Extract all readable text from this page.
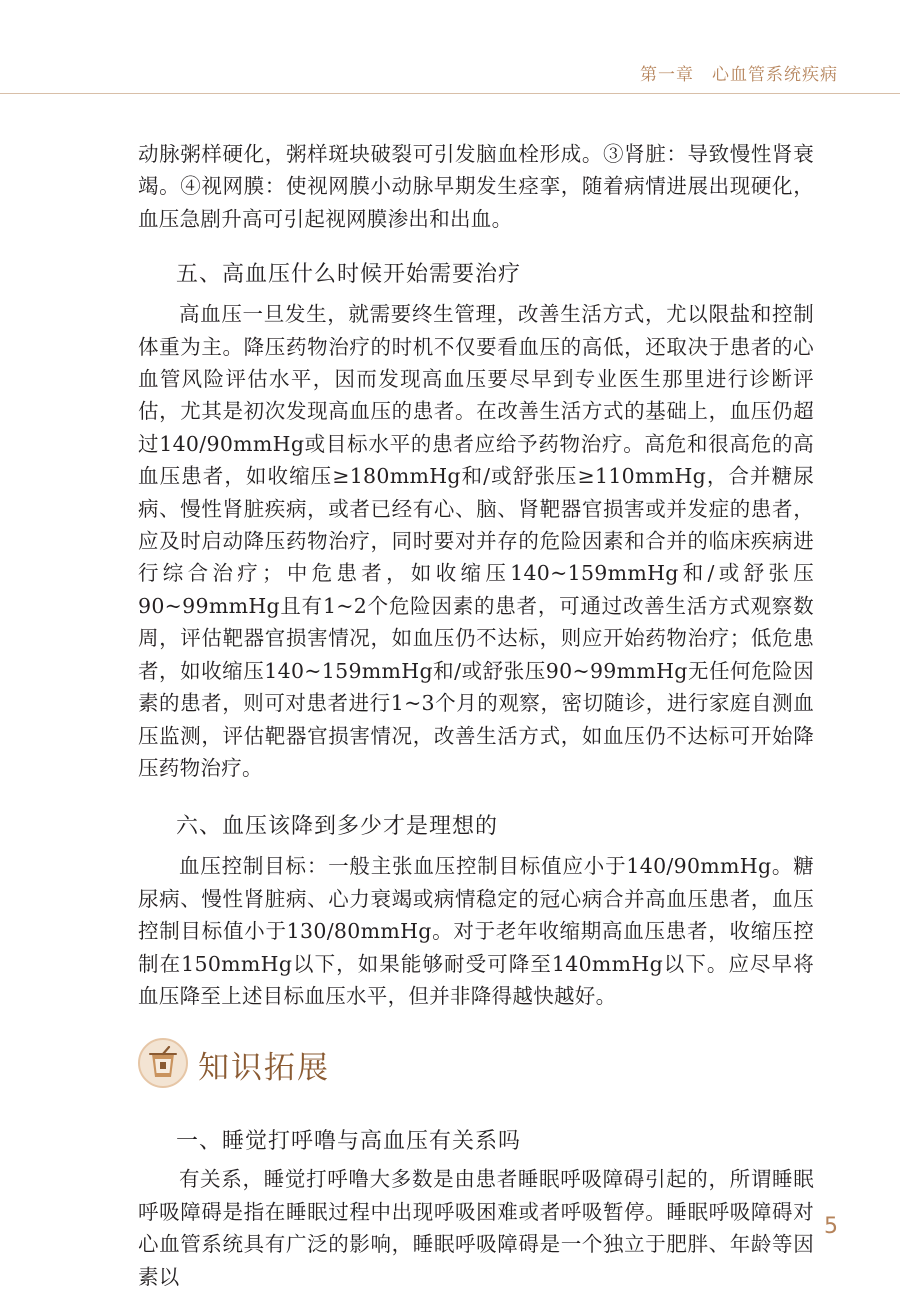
第一章　心血管系统疾病

动脉粥样硬化，粥样斑块破裂可引发脑血栓形成。③肾脏：导致慢性肾衰竭。④视网膜：使视网膜小动脉早期发生痉挛，随着病情进展出现硬化，血压急剧升高可引起视网膜渗出和出血。

五、高血压什么时候开始需要治疗

高血压一旦发生，就需要终生管理，改善生活方式，尤以限盐和控制体重为主。降压药物治疗的时机不仅要看血压的高低，还取决于患者的心血管风险评估水平，因而发现高血压要尽早到专业医生那里进行诊断评估，尤其是初次发现高血压的患者。在改善生活方式的基础上，血压仍超过140/90mmHg或目标水平的患者应给予药物治疗。高危和很高危的高血压患者，如收缩压≥180mmHg和/或舒张压≥110mmHg，合并糖尿病、慢性肾脏疾病，或者已经有心、脑、肾靶器官损害或并发症的患者，应及时启动降压药物治疗，同时要对并存的危险因素和合并的临床疾病进行综合治疗；中危患者，如收缩压140~159mmHg和/或舒张压90~99mmHg且有1~2个危险因素的患者，可通过改善生活方式观察数周，评估靶器官损害情况，如血压仍不达标，则应开始药物治疗；低危患者，如收缩压140~159mmHg和/或舒张压90~99mmHg无任何危险因素的患者，则可对患者进行1~3个月的观察，密切随诊，进行家庭自测血压监测，评估靶器官损害情况，改善生活方式，如血压仍不达标可开始降压药物治疗。

六、血压该降到多少才是理想的

血压控制目标：一般主张血压控制目标值应小于140/90mmHg。糖尿病、慢性肾脏病、心力衰竭或病情稳定的冠心病合并高血压患者，血压控制目标值小于130/80mmHg。对于老年收缩期高血压患者，收缩压控制在150mmHg以下，如果能够耐受可降至140mmHg以下。应尽早将血压降至上述目标血压水平，但并非降得越快越好。

知识拓展
一、睡觉打呼噜与高血压有关系吗

有关系，睡觉打呼噜大多数是由患者睡眠呼吸障碍引起的，所谓睡眠呼吸障碍是指在睡眠过程中出现呼吸困难或者呼吸暂停。睡眠呼吸障碍对心血管系统具有广泛的影响，睡眠呼吸障碍是一个独立于肥胖、年龄等因素以

5
